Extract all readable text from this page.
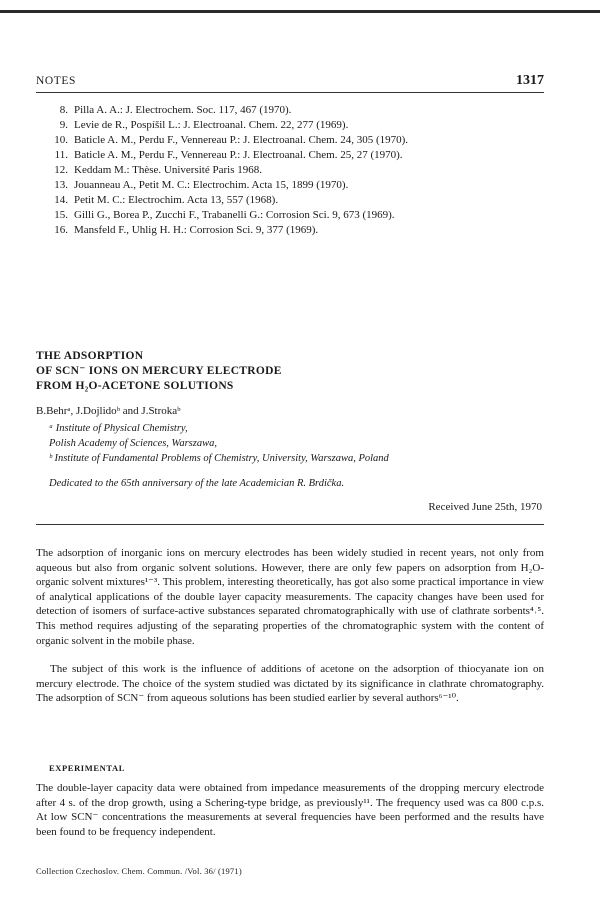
NOTES	1317
8. Pilla A. A.: J. Electrochem. Soc. 117, 467 (1970).
9. Levie de R., Pospíšil L.: J. Electroanal. Chem. 22, 277 (1969).
10. Baticle A. M., Perdu F., Vennereau P.: J. Electroanal. Chem. 24, 305 (1970).
11. Baticle A. M., Perdu F., Vennereau P.: J. Electroanal. Chem. 25, 27 (1970).
12. Keddam M.: Thèse. Université Paris 1968.
13. Jouanneau A., Petit M. C.: Electrochim. Acta 15, 1899 (1970).
14. Petit M. C.: Electrochim. Acta 13, 557 (1968).
15. Gilli G., Borea P., Zucchi F., Trabanelli G.: Corrosion Sci. 9, 673 (1969).
16. Mansfeld F., Uhlig H. H.: Corrosion Sci. 9, 377 (1969).
THE ADSORPTION
OF SCN⁻ IONS ON MERCURY ELECTRODE
FROM H₂O-ACETONE SOLUTIONS
B.Behrᵃ, J.Dojlidoᵇ and J.Strokaᵇ
ᵃ Institute of Physical Chemistry,
Polish Academy of Sciences, Warszawa,
ᵇ Institute of Fundamental Problems of Chemistry, University, Warszawa, Poland
Dedicated to the 65th anniversary of the late Academician R. Brdička.
Received June 25th, 1970

The adsorption of inorganic ions on mercury electrodes has been widely studied in recent years, not only from aqueous but also from organic solvent solutions. However, there are only few papers on adsorption from H₂O- organic solvent mixtures¹⁻³. This problem, interesting theoretically, has got also some practical importance in view of analytical applications of the double layer capacity measurements. The capacity changes have been used for detection of isomers of surface-active substances separated chromatographically with use of clathrate sorbents⁴˒⁵. This method requires adjusting of the separating properties of the chromatographic system with the content of organic solvent in the mobile phase.

The subject of this work is the influence of additions of acetone on the adsorption of thiocyanate ion on mercury electrode. The choice of the system studied was dictated by its significance in clathrate chromatography. The adsorption of SCN⁻ from aqueous solutions has been studied earlier by several authors⁶⁻¹⁰.

EXPERIMENTAL

The double-layer capacity data were obtained from impedance measurements of the dropping mercury electrode after 4 s. of the drop growth, using a Schering-type bridge, as previously¹¹. The frequency used was ca 800 c.p.s. At low SCN⁻ concentrations the measurements at several frequencies have been performed and the results have been found to be frequency independent.

Collection Czechoslov. Chem. Commun. /Vol. 36/ (1971)
